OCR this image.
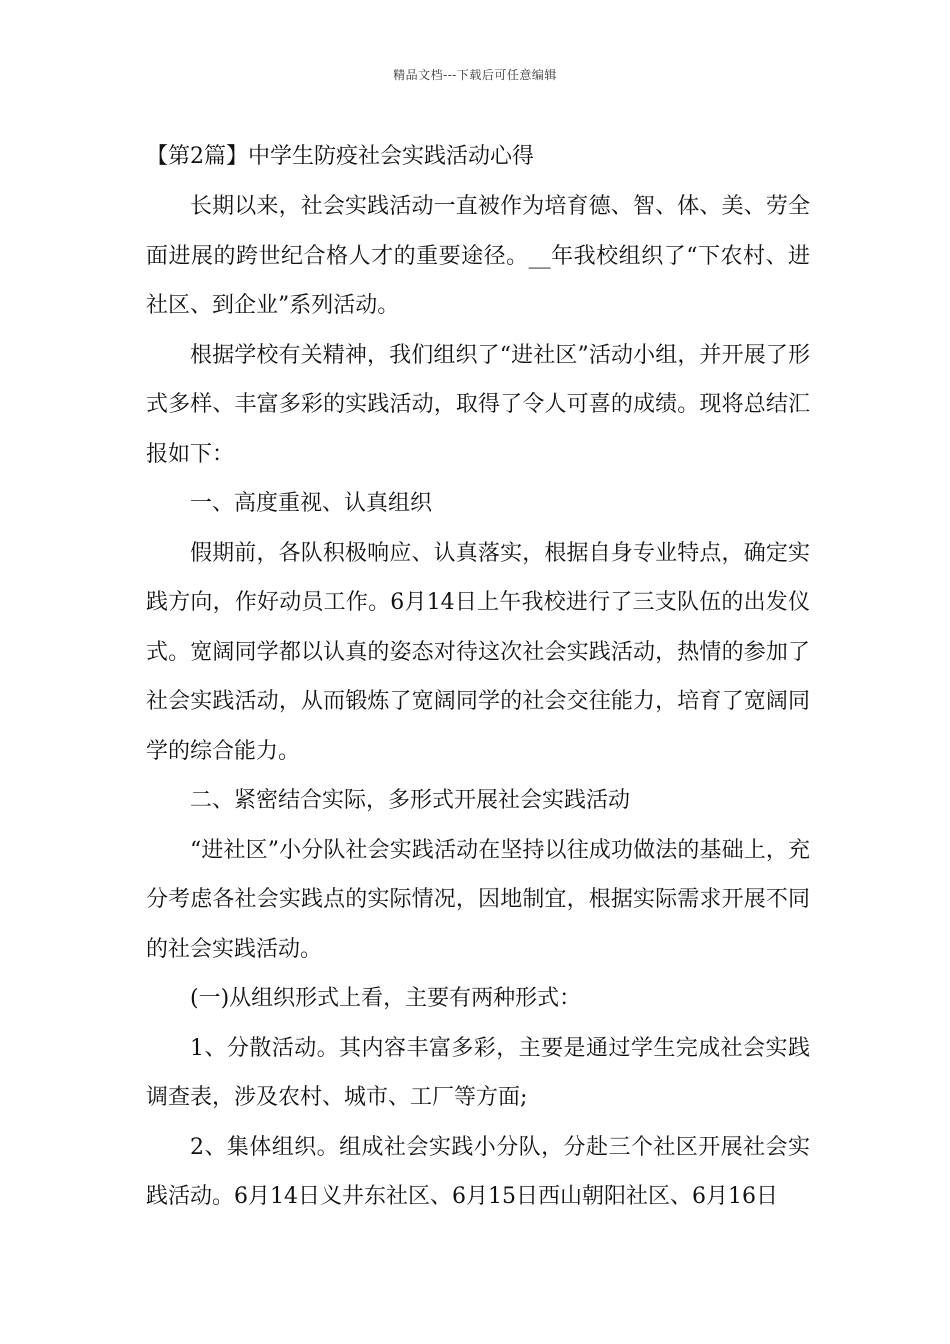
精品文档---下载后可任意编辑

【第2篇】中学生防疫社会实践活动心得

长期以来，社会实践活动一直被作为培育德、智、体、美、劳全面进展的跨世纪合格人才的重要途径。__年我校组织了“下农村、进社区、到企业”系列活动。

根据学校有关精神，我们组织了“进社区”活动小组，并开展了形式多样、丰富多彩的实践活动，取得了令人可喜的成绩。现将总结汇报如下：

一、高度重视、认真组织

假期前，各队积极响应、认真落实，根据自身专业特点，确定实践方向，作好动员工作。6月14日上午我校进行了三支队伍的出发仪式。宽阔同学都以认真的姿态对待这次社会实践活动，热情的参加了社会实践活动，从而锻炼了宽阔同学的社会交往能力，培育了宽阔同学的综合能力。

二、紧密结合实际，多形式开展社会实践活动

“进社区”小分队社会实践活动在坚持以往成功做法的基础上，充分考虑各社会实践点的实际情况，因地制宜，根据实际需求开展不同的社会实践活动。

(一)从组织形式上看，主要有两种形式：

1、分散活动。其内容丰富多彩，主要是通过学生完成社会实践调查表，涉及农村、城市、工厂等方面;

2、集体组织。组成社会实践小分队，分赴三个社区开展社会实践活动。6月14日义井东社区、6月15日西山朝阳社区、6月16日
